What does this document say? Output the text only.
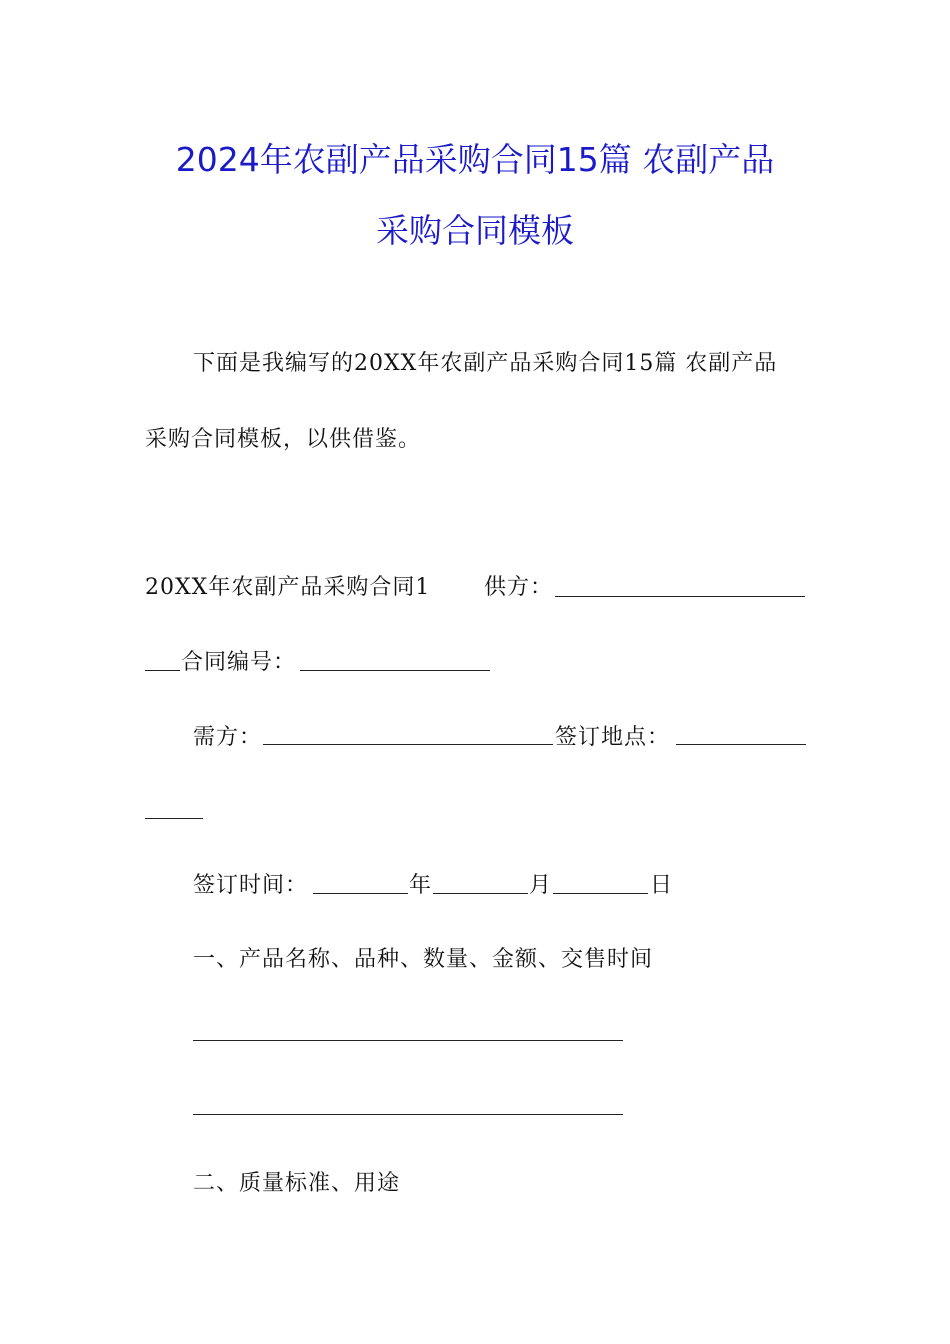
2024年农副产品采购合同15篇 农副产品
采购合同模板
下面是我编写的20XX年农副产品采购合同15篇 农副产品
采购合同模板，以供借鉴。
20XX年农副产品采购合同1 供方：
合同编号：
需方：	签订地点：
签订时间：	年	月	日
一、产品名称、品种、数量、金额、交售时间
二、质量标准、用途
